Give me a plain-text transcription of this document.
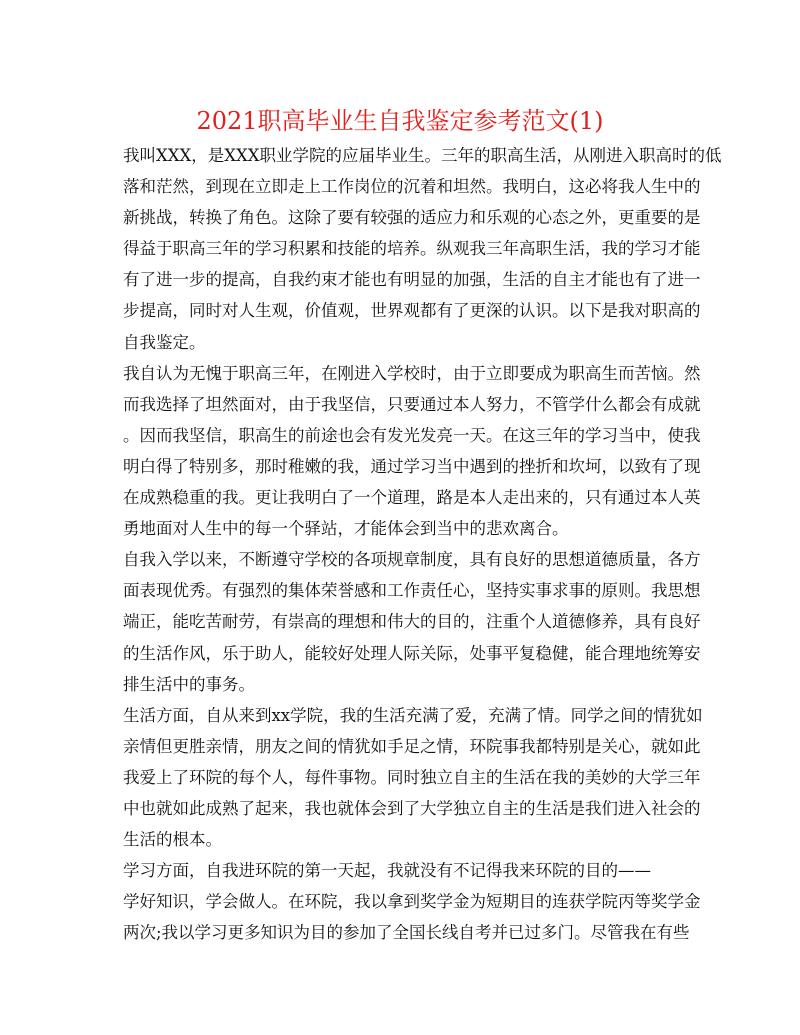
2021职高毕业生自我鉴定参考范文(1)
我叫XXX，是XXX职业学院的应届毕业生。三年的职高生活，从刚进入职高时的低
落和茫然，到现在立即走上工作岗位的沉着和坦然。我明白，这必将我人生中的
新挑战，转换了角色。这除了要有较强的适应力和乐观的心态之外，更重要的是
得益于职高三年的学习积累和技能的培养。纵观我三年高职生活，我的学习才能
有了进一步的提高，自我约束才能也有明显的加强，生活的自主才能也有了进一
步提高，同时对人生观，价值观，世界观都有了更深的认识。以下是我对职高的
自我鉴定。
我自认为无愧于职高三年，在刚进入学校时，由于立即要成为职高生而苦恼。然
而我选择了坦然面对，由于我坚信，只要通过本人努力，不管学什么都会有成就
。因而我坚信，职高生的前途也会有发光发亮一天。在这三年的学习当中，使我
明白得了特别多，那时稚嫩的我，通过学习当中遇到的挫折和坎坷，以致有了现
在成熟稳重的我。更让我明白了一个道理，路是本人走出来的，只有通过本人英
勇地面对人生中的每一个驿站，才能体会到当中的悲欢离合。
自我入学以来，不断遵守学校的各项规章制度，具有良好的思想道德质量，各方
面表现优秀。有强烈的集体荣誉感和工作责任心，坚持实事求事的原则。我思想
端正，能吃苦耐劳，有崇高的理想和伟大的目的，注重个人道德修养，具有良好
的生活作风，乐于助人，能较好处理人际关际，处事平复稳健，能合理地统筹安
排生活中的事务。
生活方面，自从来到xx学院，我的生活充满了爱，充满了情。同学之间的情犹如
亲情但更胜亲情，朋友之间的情犹如手足之情，环院事我都特别是关心，就如此
我爱上了环院的每个人，每件事物。同时独立自主的生活在我的美妙的大学三年
中也就如此成熟了起来，我也就体会到了大学独立自主的生活是我们进入社会的
生活的根本。
学习方面，自我进环院的第一天起，我就没有不记得我来环院的目的——
学好知识，学会做人。在环院，我以拿到奖学金为短期目的连获学院丙等奖学金
两次;我以学习更多知识为目的参加了全国长线自考并已过多门。尽管我在有些
